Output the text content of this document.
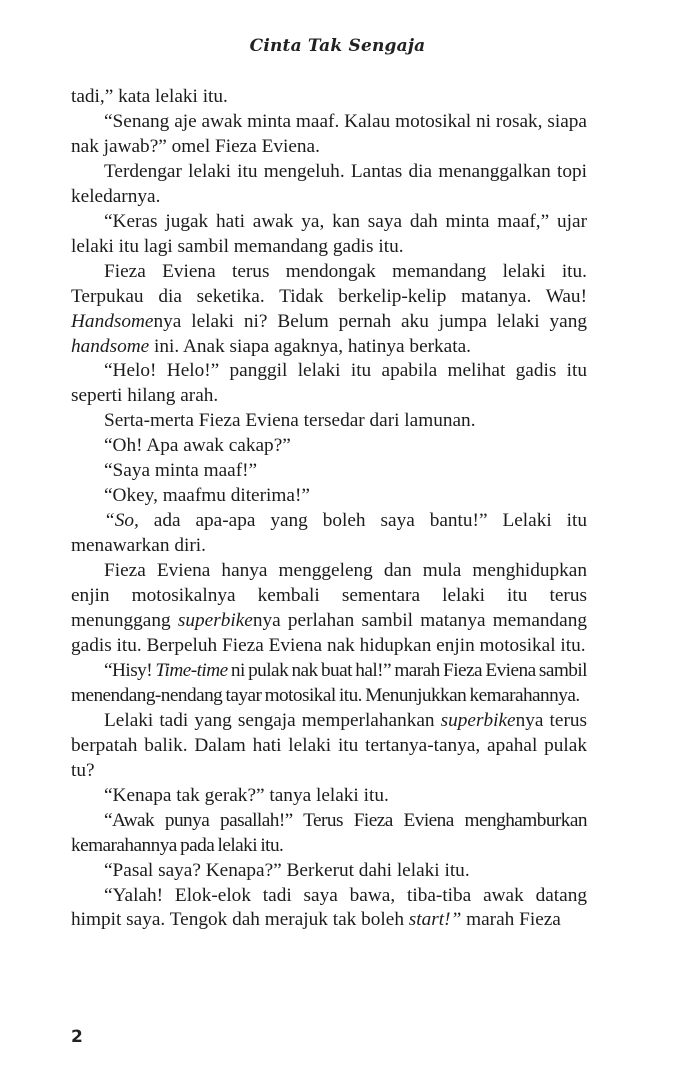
Cinta Tak Sengaja

tadi,” kata lelaki itu.

“Senang aje awak minta maaf. Kalau motosikal ni rosak, siapa nak jawab?” omel Fieza Eviena.

Terdengar lelaki itu mengeluh. Lantas dia menanggalkan topi keledarnya.

“Keras jugak hati awak ya, kan saya dah minta maaf,” ujar lelaki itu lagi sambil memandang gadis itu.

Fieza Eviena terus mendongak memandang lelaki itu. Terpukau dia seketika. Tidak berkelip-kelip matanya. Wau! Handsomenya lelaki ni? Belum pernah aku jumpa lelaki yang handsome ini. Anak siapa agaknya, hatinya berkata.

“Helo! Helo!” panggil lelaki itu apabila melihat gadis itu seperti hilang arah.

Serta-merta Fieza Eviena tersedar dari lamunan.

“Oh! Apa awak cakap?”

“Saya minta maaf!”

“Okey, maafmu diterima!”

“So, ada apa-apa yang boleh saya bantu!” Lelaki itu menawarkan diri.

Fieza Eviena hanya menggeleng dan mula menghidupkan enjin motosikalnya kembali sementara lelaki itu terus menunggang superbikenya perlahan sambil matanya memandang gadis itu. Berpeluh Fieza Eviena nak hidupkan enjin motosikal itu.

“Hisy! Time-time ni pulak nak buat hal!” marah Fieza Eviena sambil menendang-nendang tayar motosikal itu. Menunjukkan kemarahannya.

Lelaki tadi yang sengaja memperlahankan superbikenya terus berpatah balik. Dalam hati lelaki itu tertanya-tanya, apahal pulak tu?

“Kenapa tak gerak?” tanya lelaki itu.

“Awak punya pasallah!” Terus Fieza Eviena menghamburkan kemarahannya pada lelaki itu.

“Pasal saya? Kenapa?” Berkerut dahi lelaki itu.

“Yalah! Elok-elok tadi saya bawa, tiba-tiba awak datang himpit saya. Tengok dah merajuk tak boleh start!” marah Fieza

2
